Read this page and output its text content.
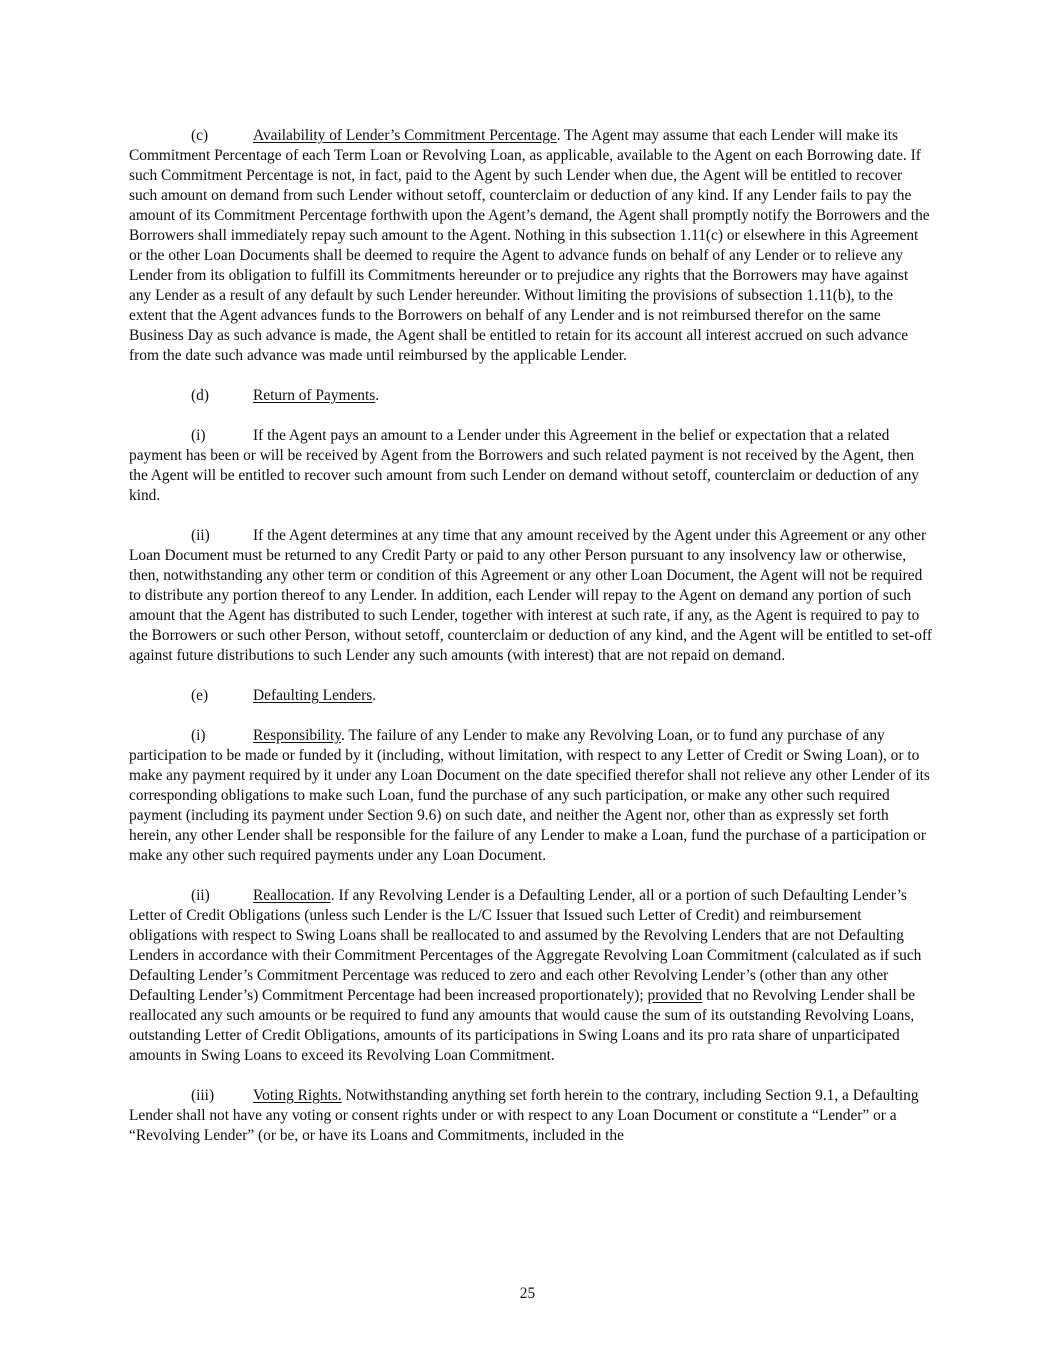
(c)	Availability of Lender’s Commitment Percentage. The Agent may assume that each Lender will make its Commitment Percentage of each Term Loan or Revolving Loan, as applicable, available to the Agent on each Borrowing date. If such Commitment Percentage is not, in fact, paid to the Agent by such Lender when due, the Agent will be entitled to recover such amount on demand from such Lender without setoff, counterclaim or deduction of any kind. If any Lender fails to pay the amount of its Commitment Percentage forthwith upon the Agent’s demand, the Agent shall promptly notify the Borrowers and the Borrowers shall immediately repay such amount to the Agent. Nothing in this subsection 1.11(c) or elsewhere in this Agreement or the other Loan Documents shall be deemed to require the Agent to advance funds on behalf of any Lender or to relieve any Lender from its obligation to fulfill its Commitments hereunder or to prejudice any rights that the Borrowers may have against any Lender as a result of any default by such Lender hereunder. Without limiting the provisions of subsection 1.11(b), to the extent that the Agent advances funds to the Borrowers on behalf of any Lender and is not reimbursed therefor on the same Business Day as such advance is made, the Agent shall be entitled to retain for its account all interest accrued on such advance from the date such advance was made until reimbursed by the applicable Lender.

(d)	Return of Payments.

(i)	If the Agent pays an amount to a Lender under this Agreement in the belief or expectation that a related payment has been or will be received by Agent from the Borrowers and such related payment is not received by the Agent, then the Agent will be entitled to recover such amount from such Lender on demand without setoff, counterclaim or deduction of any kind.

(ii)	If the Agent determines at any time that any amount received by the Agent under this Agreement or any other Loan Document must be returned to any Credit Party or paid to any other Person pursuant to any insolvency law or otherwise, then, notwithstanding any other term or condition of this Agreement or any other Loan Document, the Agent will not be required to distribute any portion thereof to any Lender. In addition, each Lender will repay to the Agent on demand any portion of such amount that the Agent has distributed to such Lender, together with interest at such rate, if any, as the Agent is required to pay to the Borrowers or such other Person, without setoff, counterclaim or deduction of any kind, and the Agent will be entitled to set-off against future distributions to such Lender any such amounts (with interest) that are not repaid on demand.

(e)	Defaulting Lenders.

(i)	Responsibility. The failure of any Lender to make any Revolving Loan, or to fund any purchase of any participation to be made or funded by it (including, without limitation, with respect to any Letter of Credit or Swing Loan), or to make any payment required by it under any Loan Document on the date specified therefor shall not relieve any other Lender of its corresponding obligations to make such Loan, fund the purchase of any such participation, or make any other such required payment (including its payment under Section 9.6) on such date, and neither the Agent nor, other than as expressly set forth herein, any other Lender shall be responsible for the failure of any Lender to make a Loan, fund the purchase of a participation or make any other such required payments under any Loan Document.

(ii)	Reallocation. If any Revolving Lender is a Defaulting Lender, all or a portion of such Defaulting Lender’s Letter of Credit Obligations (unless such Lender is the L/C Issuer that Issued such Letter of Credit) and reimbursement obligations with respect to Swing Loans shall be reallocated to and assumed by the Revolving Lenders that are not Defaulting Lenders in accordance with their Commitment Percentages of the Aggregate Revolving Loan Commitment (calculated as if such Defaulting Lender’s Commitment Percentage was reduced to zero and each other Revolving Lender’s (other than any other Defaulting Lender’s) Commitment Percentage had been increased proportionately); provided that no Revolving Lender shall be reallocated any such amounts or be required to fund any amounts that would cause the sum of its outstanding Revolving Loans, outstanding Letter of Credit Obligations, amounts of its participations in Swing Loans and its pro rata share of unparticipated amounts in Swing Loans to exceed its Revolving Loan Commitment.

(iii)	Voting Rights. Notwithstanding anything set forth herein to the contrary, including Section 9.1, a Defaulting Lender shall not have any voting or consent rights under or with respect to any Loan Document or constitute a “Lender” or a “Revolving Lender” (or be, or have its Loans and Commitments, included in the

25
